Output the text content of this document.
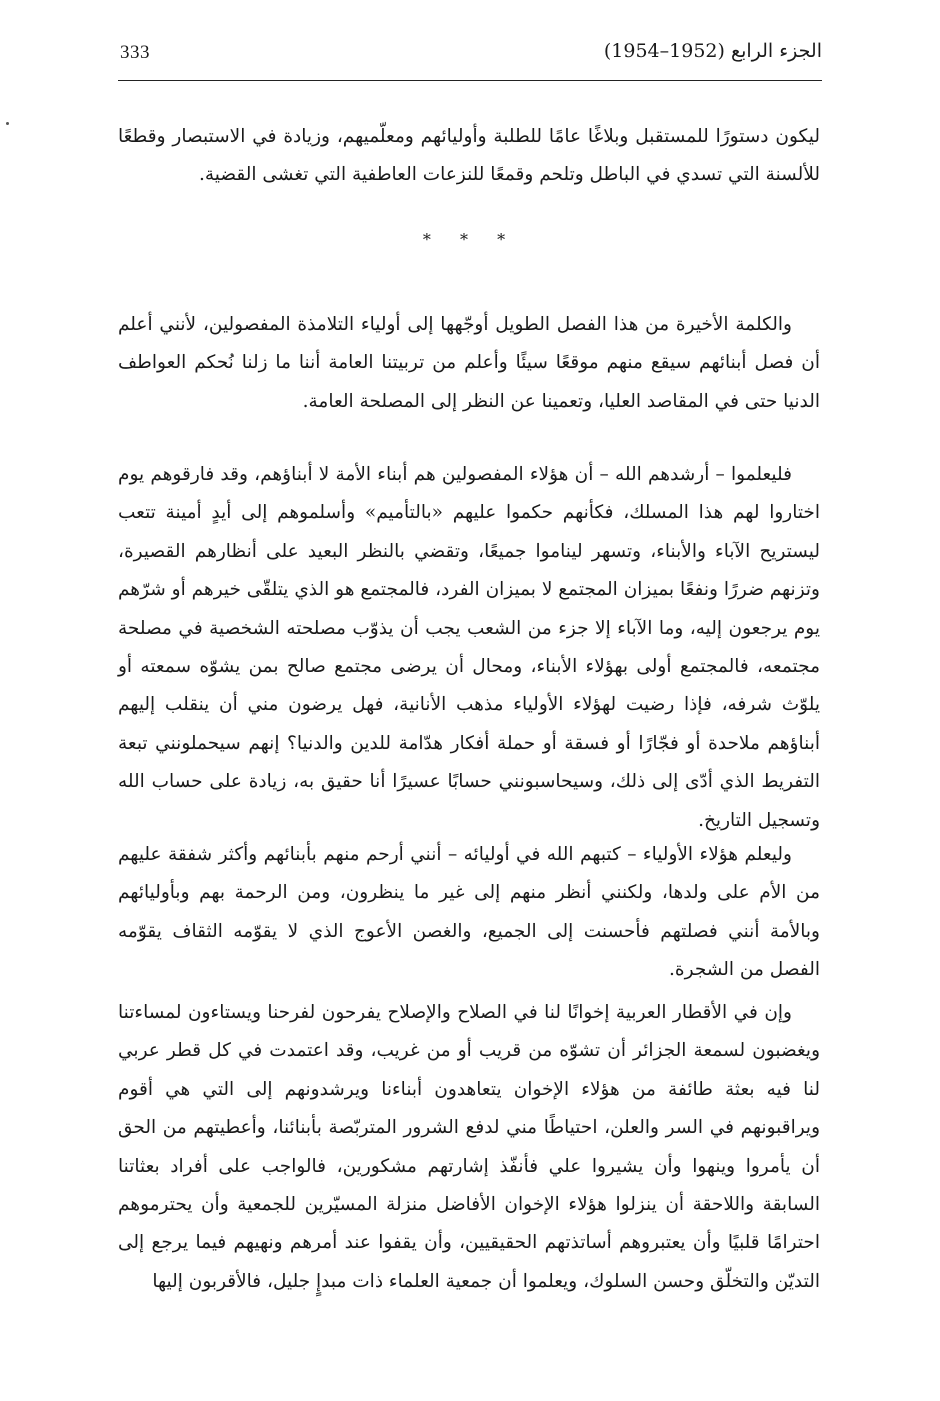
333	الجزء الرابع (1952–1954)

ليكون دستورًا للمستقبل وبلاغًا عامًا للطلبة وأوليائهم ومعلّميهم، وزيادة في الاستبصار وقطعًا للألسنة التي تسدي في الباطل وتلحم وقمعًا للنزعات العاطفية التي تغشى القضية.

* * *

والكلمة الأخيرة من هذا الفصل الطويل أوجّهها إلى أولياء التلامذة المفصولين، لأنني أعلم أن فصل أبنائهم سيقع منهم موقعًا سيئًا وأعلم من تربيتنا العامة أننا ما زلنا نُحكم العواطف الدنيا حتى في المقاصد العليا، وتعمينا عن النظر إلى المصلحة العامة.

فليعلموا – أرشدهم الله – أن هؤلاء المفصولين هم أبناء الأمة لا أبناؤهم، وقد فارقوهم يوم اختاروا لهم هذا المسلك، فكأنهم حكموا عليهم «بالتأميم» وأسلموهم إلى أيدٍ أمينة تتعب ليستريح الآباء والأبناء، وتسهر ليناموا جميعًا، وتقضي بالنظر البعيد على أنظارهم القصيرة، وتزنهم ضررًا ونفعًا بميزان المجتمع لا بميزان الفرد، فالمجتمع هو الذي يتلقّى خيرهم أو شرّهم يوم يرجعون إليه، وما الآباء إلا جزء من الشعب يجب أن يذوّب مصلحته الشخصية في مصلحة مجتمعه، فالمجتمع أولى بهؤلاء الأبناء، ومحال أن يرضى مجتمع صالح بمن يشوّه سمعته أو يلوّث شرفه، فإذا رضيت لهؤلاء الأولياء مذهب الأنانية، فهل يرضون مني أن ينقلب إليهم أبناؤهم ملاحدة أو فجّارًا أو فسقة أو حملة أفكار هدّامة للدين والدنيا؟ إنهم سيحملونني تبعة التفريط الذي أدّى إلى ذلك، وسيحاسبونني حسابًا عسيرًا أنا حقيق به، زيادة على حساب الله وتسجيل التاريخ.

وليعلم هؤلاء الأولياء – كتبهم الله في أوليائه – أنني أرحم منهم بأبنائهم وأكثر شفقة عليهم من الأم على ولدها، ولكنني أنظر منهم إلى غير ما ينظرون، ومن الرحمة بهم وبأوليائهم وبالأمة أنني فصلتهم فأحسنت إلى الجميع، والغصن الأعوج الذي لا يقوّمه الثقاف يقوّمه الفصل من الشجرة.

وإن في الأقطار العربية إخوانًا لنا في الصلاح والإصلاح يفرحون لفرحنا ويستاءون لمساءتنا ويغضبون لسمعة الجزائر أن تشوّه من قريب أو من غريب، وقد اعتمدت في كل قطر عربي لنا فيه بعثة طائفة من هؤلاء الإخوان يتعاهدون أبناءنا ويرشدونهم إلى التي هي أقوم ويراقبونهم في السر والعلن، احتياطًا مني لدفع الشرور المتربّصة بأبنائنا، وأعطيتهم من الحق أن يأمروا وينهوا وأن يشيروا علي فأنفّذ إشارتهم مشكورين، فالواجب على أفراد بعثاتنا السابقة واللاحقة أن ينزلوا هؤلاء الإخوان الأفاضل منزلة المسيّرين للجمعية وأن يحترموهم احترامًا قلبيًا وأن يعتبروهم أساتذتهم الحقيقيين، وأن يقفوا عند أمرهم ونهيهم فيما يرجع إلى التديّن والتخلّق وحسن السلوك، ويعلموا أن جمعية العلماء ذات مبدإٍ جليل، فالأقربون إليها
